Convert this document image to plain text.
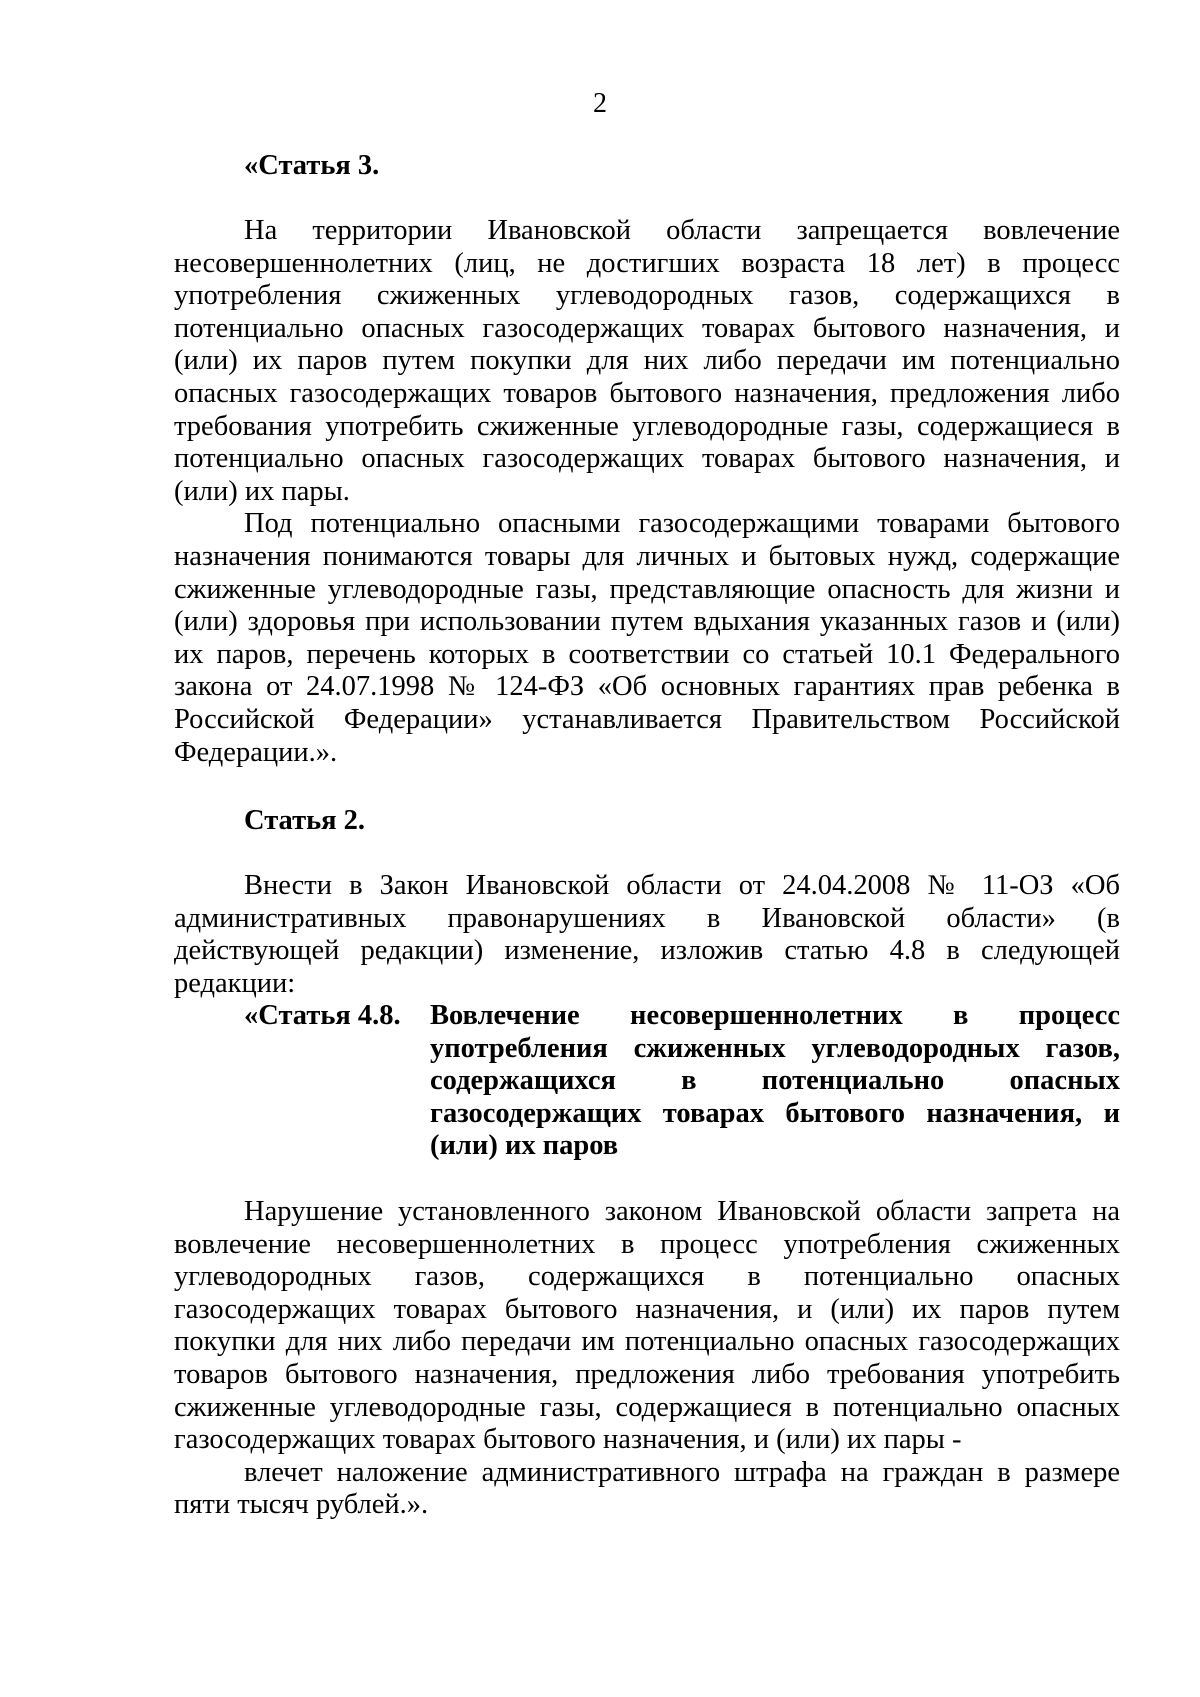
2
«Статья 3.

На территории Ивановской области запрещается вовлечение несовершеннолетних (лиц, не достигших возраста 18 лет) в процесс употребления сжиженных углеводородных газов, содержащихся в потенциально опасных газосодержащих товарах бытового назначения, и (или) их паров путем покупки для них либо передачи им потенциально опасных газосодержащих товаров бытового назначения, предложения либо требования употребить сжиженные углеводородные газы, содержащиеся в потенциально опасных газосодержащих товарах бытового назначения, и (или) их пары.

Под потенциально опасными газосодержащими товарами бытового назначения понимаются товары для личных и бытовых нужд, содержащие сжиженные углеводородные газы, представляющие опасность для жизни и (или) здоровья при использовании путем вдыхания указанных газов и (или) их паров, перечень которых в соответствии со статьей 10.1 Федерального закона от 24.07.1998 № 124-ФЗ «Об основных гарантиях прав ребенка в Российской Федерации» устанавливается Правительством Российской Федерации.».

Статья 2.

Внести в Закон Ивановской области от 24.04.2008 № 11-ОЗ «Об административных правонарушениях в Ивановской области» (в действующей редакции) изменение, изложив статью 4.8 в следующей редакции:

«Статья 4.8. Вовлечение несовершеннолетних в процесс употребления сжиженных углеводородных газов, содержащихся в потенциально опасных газосодержащих товарах бытового назначения, и (или) их паров

Нарушение установленного законом Ивановской области запрета на вовлечение несовершеннолетних в процесс употребления сжиженных углеводородных газов, содержащихся в потенциально опасных газосодержащих товарах бытового назначения, и (или) их паров путем покупки для них либо передачи им потенциально опасных газосодержащих товаров бытового назначения, предложения либо требования употребить сжиженные углеводородные газы, содержащиеся в потенциально опасных газосодержащих товарах бытового назначения, и (или) их пары -

влечет наложение административного штрафа на граждан в размере пяти тысяч рублей.».
